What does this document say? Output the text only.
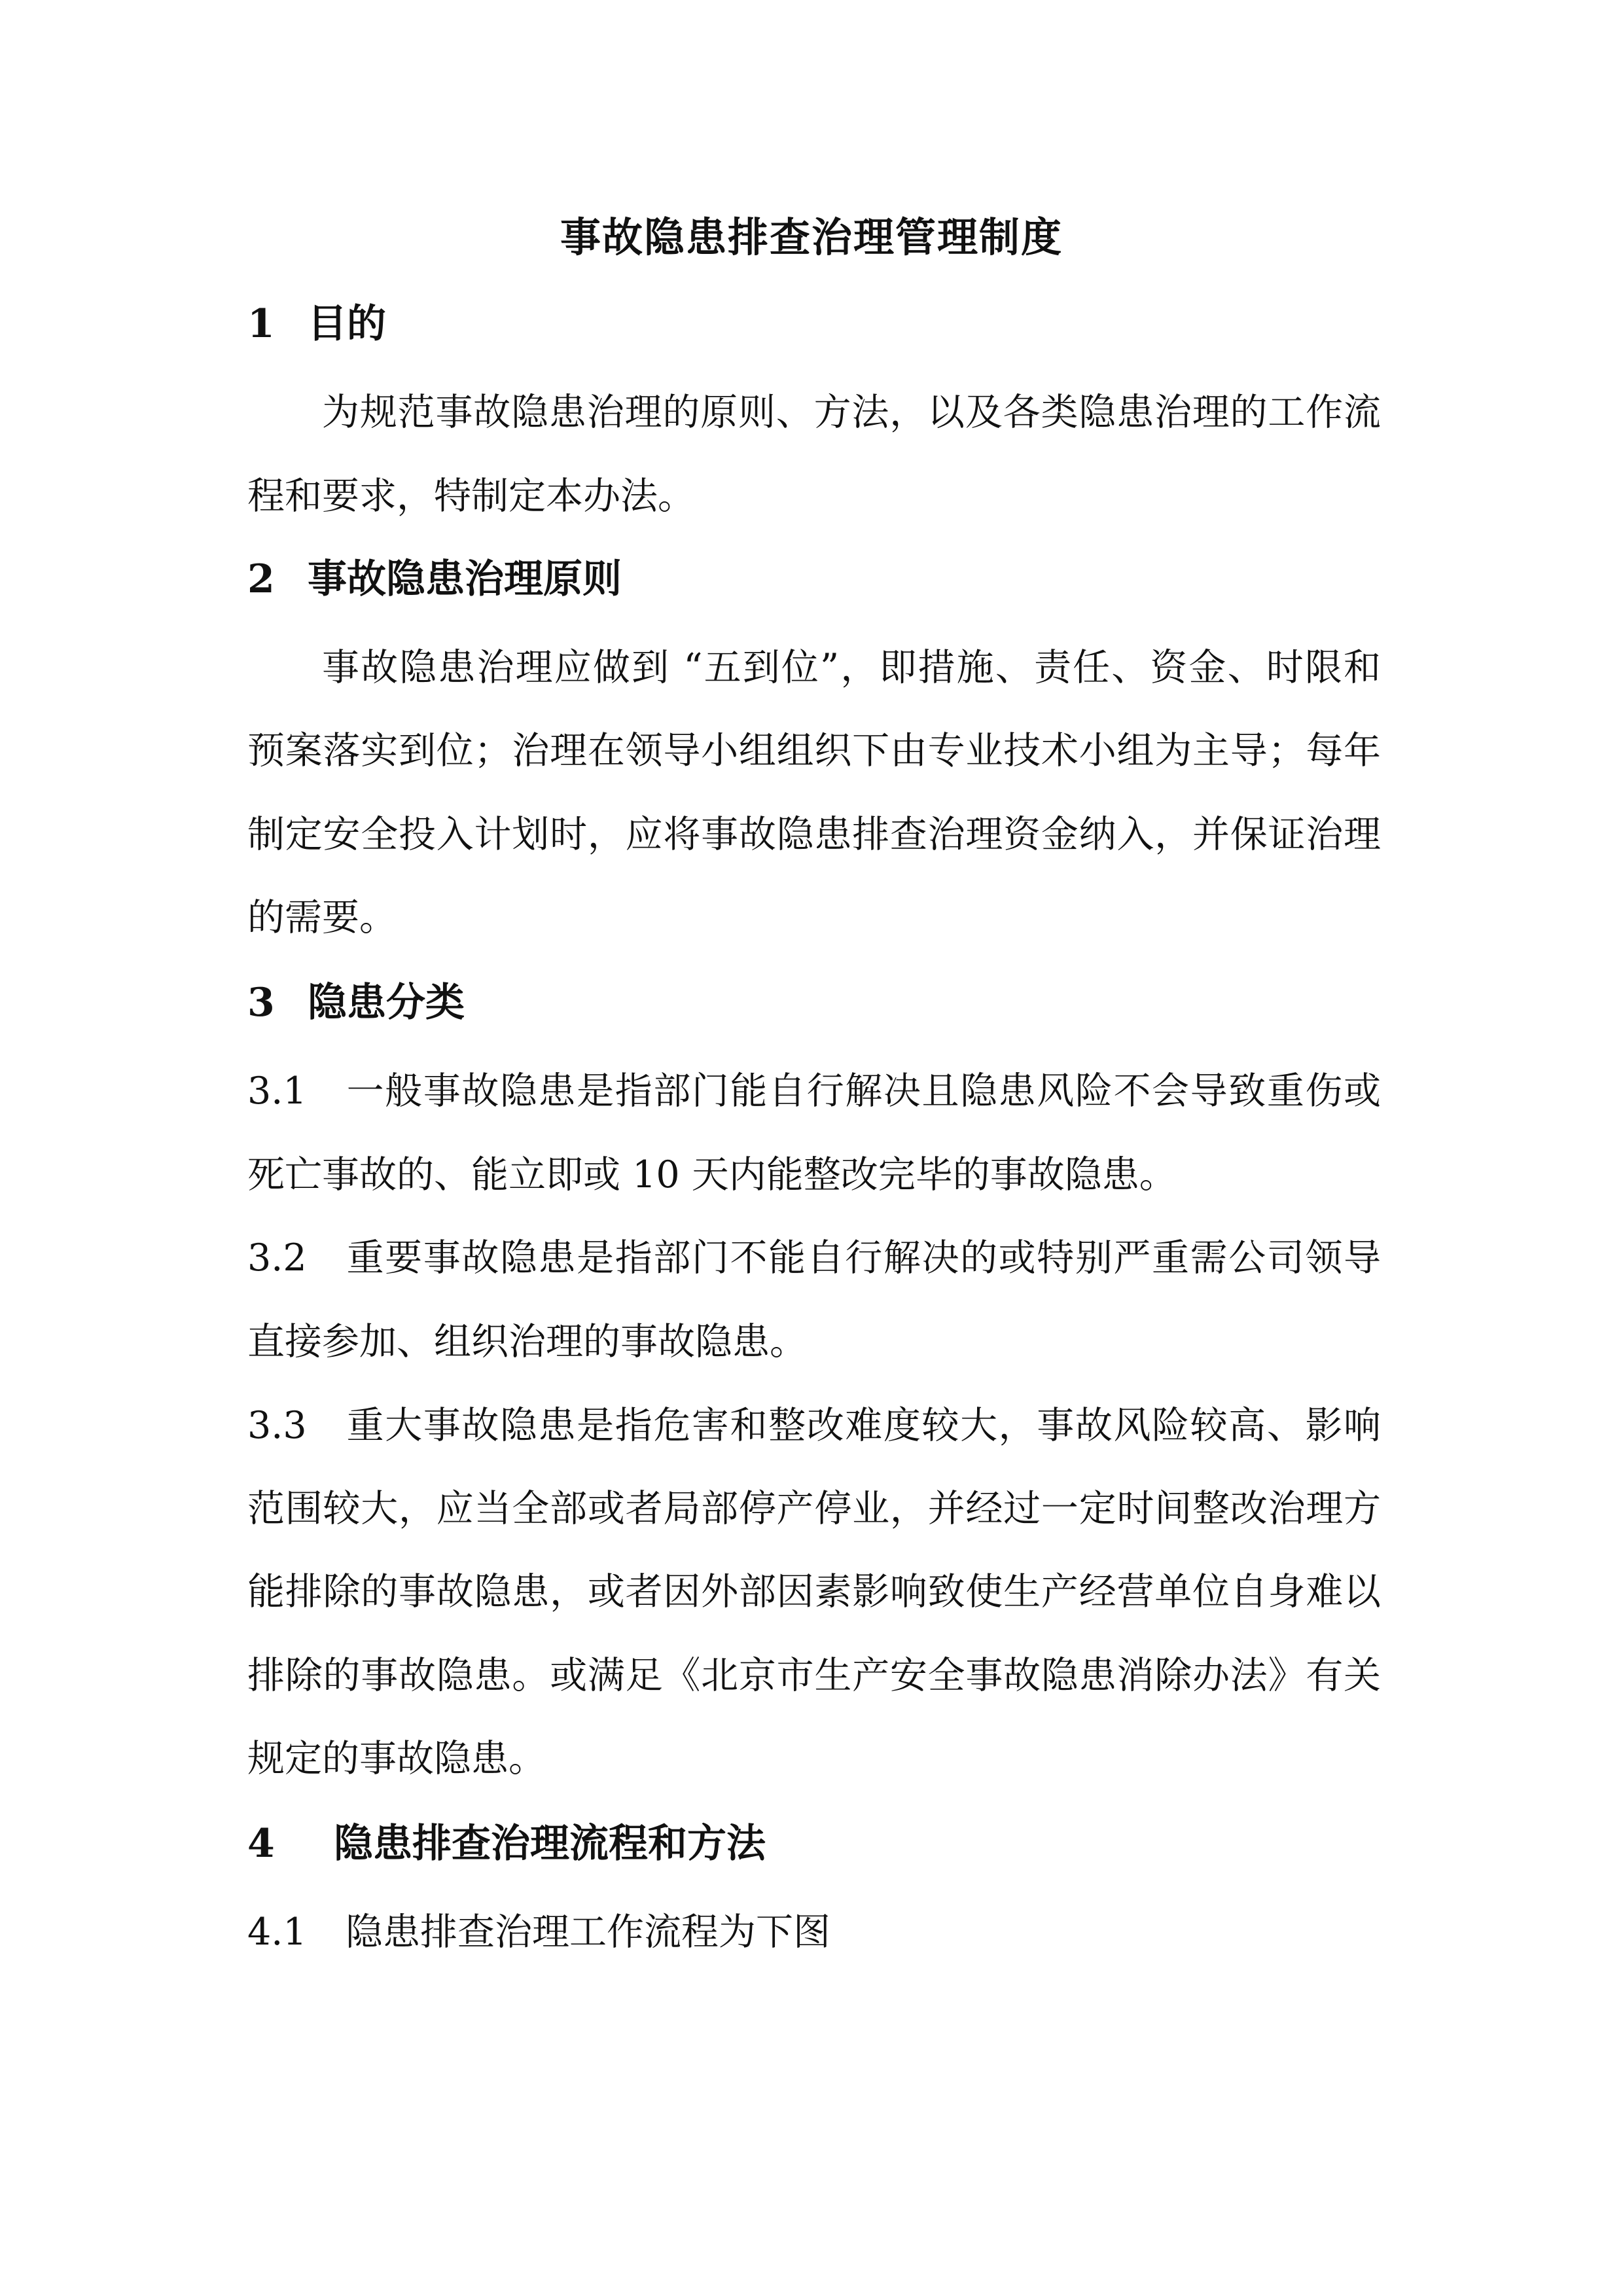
事故隐患排查治理管理制度
1 目的
为规范事故隐患治理的原则、方法，以及各类隐患治理的工作流
程和要求，特制定本办法。
2 事故隐患治理原则
事故隐患治理应做到 “五到位”，即措施、责任、资金、时限和
预案落实到位；治理在领导小组组织下由专业技术小组为主导；每年
制定安全投入计划时，应将事故隐患排查治理资金纳入，并保证治理
的需要。
3 隐患分类
3.1 一般事故隐患是指部门能自行解决且隐患风险不会导致重伤或
死亡事故的、能立即或 10 天内能整改完毕的事故隐患。
3.2 重要事故隐患是指部门不能自行解决的或特别严重需公司领导
直接参加、组织治理的事故隐患。
3.3 重大事故隐患是指危害和整改难度较大，事故风险较高、影响
范围较大，应当全部或者局部停产停业，并经过一定时间整改治理方
能排除的事故隐患，或者因外部因素影响致使生产经营单位自身难以
排除的事故隐患。或满足《北京市生产安全事故隐患消除办法》有关
规定的事故隐患。
4 隐患排查治理流程和方法
4.1 隐患排查治理工作流程为下图
